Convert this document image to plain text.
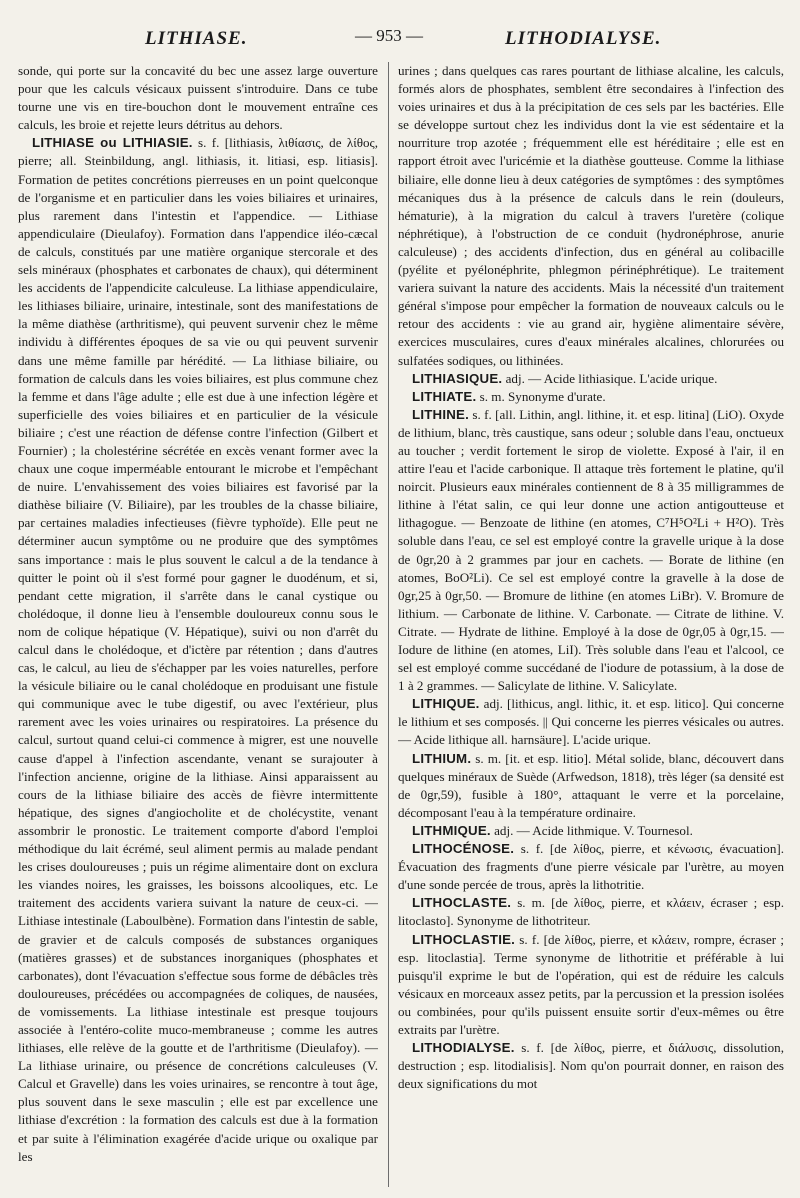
LITHIASE.	— 953 —	LITHODIALYSE.

sonde, qui porte sur la concavité du bec une assez large ouverture pour que les calculs vésicaux puissent s'introduire. Dans ce tube tourne une vis en tire-bouchon dont le mouvement entraîne ces calculs, les broie et rejette leurs détritus au dehors.

LITHIASE ou LITHIASIE. s. f. [lithiasis, λιθίασις, de λίθος, pierre; all. Steinbildung, angl. lithiasis, it. litiasi, esp. litiasis]. Formation de petites concrétions pierreuses en un point quelconque de l'organisme et en particulier dans les voies biliaires et urinaires, plus rarement dans l'intestin et l'appendice. — Lithiase appendiculaire (Dieulafoy). Formation dans l'appendice iléo-cæcal de calculs, constitués par une matière organique stercorale et des sels minéraux (phosphates et carbonates de chaux), qui déterminent les accidents de l'appendicite calculeuse. La lithiase appendiculaire, les lithiases biliaire, urinaire, intestinale, sont des manifestations de la même diathèse (arthritisme), qui peuvent survenir chez le même individu à différentes époques de sa vie ou qui peuvent survenir dans une même famille par hérédité. — La lithiase biliaire, ou formation de calculs dans les voies biliaires, est plus commune chez la femme et dans l'âge adulte ; elle est due à une infection légère et superficielle des voies biliaires et en particulier de la vésicule biliaire ; c'est une réaction de défense contre l'infection (Gilbert et Fournier) ; la cholestérine sécrétée en excès venant former avec la chaux une coque imperméable entourant le microbe et l'empêchant de nuire. L'envahissement des voies biliaires est favorisé par la diathèse biliaire (V. Biliaire), par les troubles de la chasse biliaire, par certaines maladies infectieuses (fièvre typhoïde). Elle peut ne déterminer aucun symptôme ou ne produire que des symptômes sans importance : mais le plus souvent le calcul a de la tendance à quitter le point où il s'est formé pour gagner le duodénum, et si, pendant cette migration, il s'arrête dans le canal cystique ou cholédoque, il donne lieu à l'ensemble douloureux connu sous le nom de colique hépatique (V. Hépatique), suivi ou non d'arrêt du calcul dans le cholédoque, et d'ictère par rétention ; dans d'autres cas, le calcul, au lieu de s'échapper par les voies naturelles, perfore la vésicule biliaire ou le canal cholédoque en produisant une fistule qui communique avec le tube digestif, ou avec l'extérieur, plus rarement avec les voies urinaires ou respiratoires. La présence du calcul, surtout quand celui-ci commence à migrer, est une nouvelle cause d'appel à l'infection ascendante, venant se surajouter à l'infection ancienne, origine de la lithiase. Ainsi apparaissent au cours de la lithiase biliaire des accès de fièvre intermittente hépatique, des signes d'angiocholite et de cholécystite, venant assombrir le pronostic. Le traitement comporte d'abord l'emploi méthodique du lait écrémé, seul aliment permis au malade pendant les crises douloureuses ; puis un régime alimentaire dont on exclura les viandes noires, les graisses, les boissons alcooliques, etc. Le traitement des accidents variera suivant la nature de ceux-ci. — Lithiase intestinale (Laboulbène). Formation dans l'intestin de sable, de gravier et de calculs composés de substances organiques (matières grasses) et de substances inorganiques (phosphates et carbonates), dont l'évacuation s'effectue sous forme de débâcles très douloureuses, précédées ou accompagnées de coliques, de nausées, de vomissements. La lithiase intestinale est presque toujours associée à l'entéro-colite muco-membraneuse ; comme les autres lithiases, elle relève de la goutte et de l'arthritisme (Dieulafoy). — La lithiase urinaire, ou présence de concrétions calculeuses (V. Calcul et Gravelle) dans les voies urinaires, se rencontre à tout âge, plus souvent dans le sexe masculin ; elle est par excellence une lithiase d'excrétion : la formation des calculs est due à la formation et par suite à l'élimination exagérée d'acide urique ou oxalique par les

urines ; dans quelques cas rares pourtant de lithiase alcaline, les calculs, formés alors de phosphates, semblent être secondaires à l'infection des voies urinaires et dus à la précipitation de ces sels par les bactéries. Elle se développe surtout chez les individus dont la vie est sédentaire et la nourriture trop azotée ; fréquemment elle est héréditaire ; elle est en rapport étroit avec l'uricémie et la diathèse goutteuse. Comme la lithiase biliaire, elle donne lieu à deux catégories de symptômes : des symptômes mécaniques dus à la présence de calculs dans le rein (douleurs, hématurie), à la migration du calcul à travers l'uretère (colique néphrétique), à l'obstruction de ce conduit (hydronéphrose, anurie calculeuse) ; des accidents d'infection, dus en général au colibacille (pyélite et pyélonéphrite, phlegmon périnéphrétique). Le traitement variera suivant la nature des accidents. Mais la nécessité d'un traitement général s'impose pour empêcher la formation de nouveaux calculs ou le retour des accidents : vie au grand air, hygiène alimentaire sévère, exercices musculaires, cures d'eaux minérales alcalines, chlorurées ou sulfatées sodiques, ou lithinées.

LITHIASIQUE. adj. — Acide lithiasique. L'acide urique.

LITHIATE. s. m. Synonyme d'urate.

LITHINE. s. f. [all. Lithin, angl. lithine, it. et esp. litina] (LiO). Oxyde de lithium, blanc, très caustique, sans odeur ; soluble dans l'eau, onctueux au toucher ; verdit fortement le sirop de violette. Exposé à l'air, il en attire l'eau et l'acide carbonique. Il attaque très fortement le platine, qu'il noircit. Plusieurs eaux minérales contiennent de 8 à 35 milligrammes de lithine à l'état salin, ce qui leur donne une action antigoutteuse et lithagogue. — Benzoate de lithine (en atomes, C⁷H⁵O²Li + H²O). Très soluble dans l'eau, ce sel est employé contre la gravelle urique à la dose de 0gr,20 à 2 grammes par jour en cachets. — Borate de lithine (en atomes, BoO²Li). Ce sel est employé contre la gravelle à la dose de 0gr,25 à 0gr,50. — Bromure de lithine (en atomes LiBr). V. Bromure de lithium. — Carbonate de lithine. V. Carbonate. — Citrate de lithine. V. Citrate. — Hydrate de lithine. Employé à la dose de 0gr,05 à 0gr,15. — Iodure de lithine (en atomes, LiI). Très soluble dans l'eau et l'alcool, ce sel est employé comme succédané de l'iodure de potassium, à la dose de 1 à 2 grammes. — Salicylate de lithine. V. Salicylate.

LITHIQUE. adj. [lithicus, angl. lithic, it. et esp. litico]. Qui concerne le lithium et ses composés. || Qui concerne les pierres vésicales ou autres. — Acide lithique all. harnsäure]. L'acide urique.

LITHIUM. s. m. [it. et esp. litio]. Métal solide, blanc, découvert dans quelques minéraux de Suède (Arfwedson, 1818), très léger (sa densité est de 0gr,59), fusible à 180°, attaquant le verre et la porcelaine, décomposant l'eau à la température ordinaire.

LITHMIQUE. adj. — Acide lithmique. V. Tournesol.

LITHOCÉNOSE. s. f. [de λίθος, pierre, et κένωσις, évacuation]. Évacuation des fragments d'une pierre vésicale par l'urètre, au moyen d'une sonde percée de trous, après la lithotritie.

LITHOCLASTE. s. m. [de λίθος, pierre, et κλάειν, écraser ; esp. litoclasto]. Synonyme de lithotriteur.

LITHOCLASTIE. s. f. [de λίθος, pierre, et κλάειν, rompre, écraser ; esp. litoclastia]. Terme synonyme de lithotritie et préférable à lui puisqu'il exprime le but de l'opération, qui est de réduire les calculs vésicaux en morceaux assez petits, par la percussion et la pression isolées ou combinées, pour qu'ils puissent ensuite sortir d'eux-mêmes ou être extraits par l'urètre.

LITHODIALYSE. s. f. [de λίθος, pierre, et διάλυσις, dissolution, destruction ; esp. litodialisis]. Nom qu'on pourrait donner, en raison des deux significations du mot
